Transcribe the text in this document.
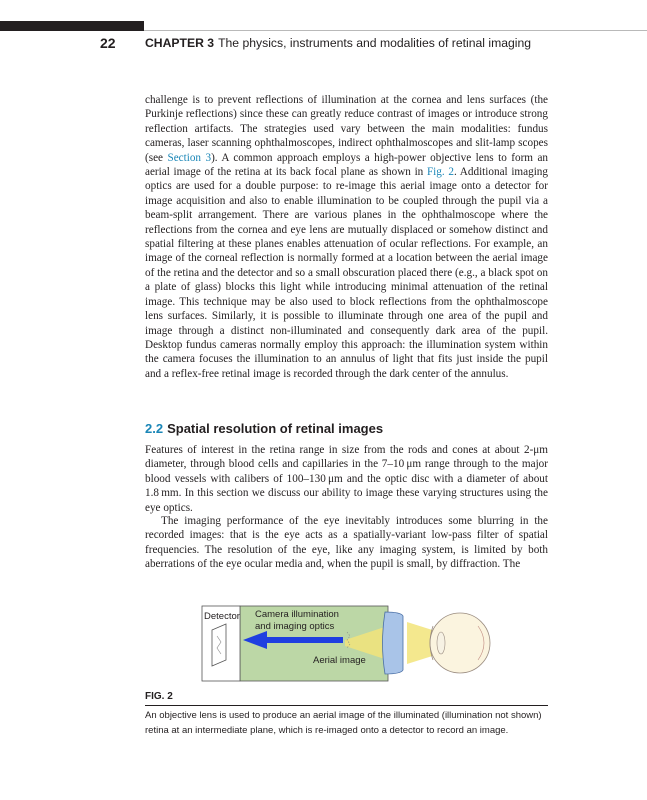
22 CHAPTER 3 The physics, instruments and modalities of retinal imaging
challenge is to prevent reflections of illumination at the cornea and lens surfaces (the Purkinje reflections) since these can greatly reduce contrast of images or introduce strong reflection artifacts. The strategies used vary between the main modalities: fundus cameras, laser scanning ophthalmoscopes, indirect ophthalmoscopes and slit-lamp scopes (see Section 3). A common approach employs a high-power objective lens to form an aerial image of the retina at its back focal plane as shown in Fig. 2. Additional imaging optics are used for a double purpose: to re-image this aerial image onto a detector for image acquisition and also to enable illumination to be coupled through the pupil via a beam-split arrangement. There are various planes in the ophthalmoscope where the reflections from the cornea and eye lens are mutually displaced or somehow distinct and spatial filtering at these planes enables attenuation of ocular reflections. For example, an image of the corneal reflection is normally formed at a location between the aerial image of the retina and the detector and so a small obscuration placed there (e.g., a black spot on a plate of glass) blocks this light while introducing minimal attenuation of the retinal image. This technique may be also used to block reflections from the ophthalmoscope lens surfaces. Similarly, it is possible to illuminate through one area of the pupil and image through a distinct non-illuminated and consequently dark area of the pupil. Desktop fundus cameras normally employ this approach: the illumination system within the camera focuses the illumination to an annulus of light that fits just inside the pupil and a reflex-free retinal image is recorded through the dark center of the annulus.
2.2 Spatial resolution of retinal images
Features of interest in the retina range in size from the rods and cones at about 2-μm diameter, through blood cells and capillaries in the 7–10 μm range through to the major blood vessels with calibers of 100–130 μm and the optic disc with a diameter of about 1.8 mm. In this section we discuss our ability to image these varying structures using the eye optics.
The imaging performance of the eye inevitably introduces some blurring in the recorded images: that is the eye acts as a spatially-variant low-pass filter of spatial frequencies. The resolution of the eye, like any imaging system, is limited by both aberrations of the eye ocular media and, when the pupil is small, by diffraction. The
Detector Camera illumination
and imaging optics
Aerial image
FIG. 2
An objective lens is used to produce an aerial image of the illuminated (illumination not shown) retina at an intermediate plane, which is re-imaged onto a detector to record an image.
